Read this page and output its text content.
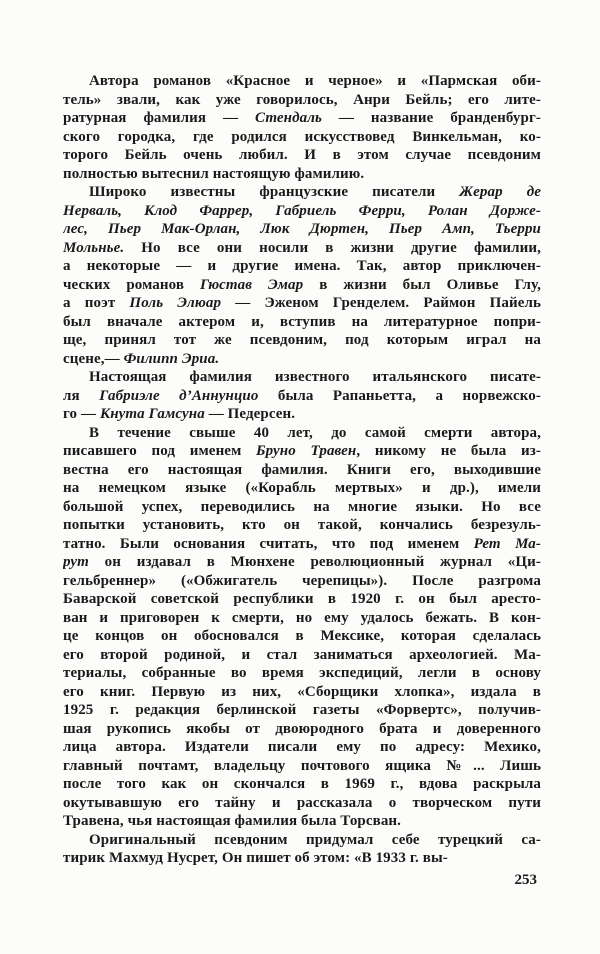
Автора романов «Красное и черное» и «Пармская оби-
тель» звали, как уже говорилось, Анри Бейль; его лите-
ратурная фамилия — Стендаль — название бранденбург-
ского городка, где родился искусствовед Винкельман, ко-
торого Бейль очень любил. И в этом случае псевдоним
полностью вытеснил настоящую фамилию.
Широко известны французские писатели Жерар де
Нерваль, Клод Фаррер, Габриель Ферри, Ролан Дорже-
лес, Пьер Мак-Орлан, Люк Дюртен, Пьер Амп, Тьерри
Мольнье. Но все они носили в жизни другие фамилии,
а некоторые — и другие имена. Так, автор приключен-
ческих романов Гюстав Эмар в жизни был Оливье Глу,
а поэт Поль Элюар — Эженом Гренделем. Раймон Пайель
был вначале актером и, вступив на литературное попри-
ще, принял тот же псевдоним, под которым играл на
сцене,— Филипп Эриа.
Настоящая фамилия известного итальянского писате-
ля Габриэле д’Аннунцио была Рапаньетта, а норвежско-
го — Кнута Гамсуна — Педерсен.
В течение свыше 40 лет, до самой смерти автора,
писавшего под именем Бруно Травен, никому не была из-
вестна его настоящая фамилия. Книги его, выходившие
на немецком языке («Корабль мертвых» и др.), имели
большой успех, переводились на многие языки. Но все
попытки установить, кто он такой, кончались безрезуль-
татно. Были основания считать, что под именем Рет Ма-
рут он издавал в Мюнхене революционный журнал «Ци-
гельбреннер» («Обжигатель черепицы»). После разгрома
Баварской советской республики в 1920 г. он был аресто-
ван и приговорен к смерти, но ему удалось бежать. В кон-
це концов он обосновался в Мексике, которая сделалась
его второй родиной, и стал заниматься археологией. Ма-
териалы, собранные во время экспедиций, легли в основу
его книг. Первую из них, «Сборщики хлопка», издала в
1925 г. редакция берлинской газеты «Форвертс», получив-
шая рукопись якобы от двоюродного брата и доверенного
лица автора. Издатели писали ему по адресу: Мехико,
главный почтамт, владельцу почтового ящика №... Лишь
после того как он скончался в 1969 г., вдова раскрыла
окутывавшую его тайну и рассказала о творческом пути
Травена, чья настоящая фамилия была Торсван.
Оригинальный псевдоним придумал себе турецкий са-
тирик Махмуд Нусрет, Он пишет об этом: «В 1933 г. вы-
253
